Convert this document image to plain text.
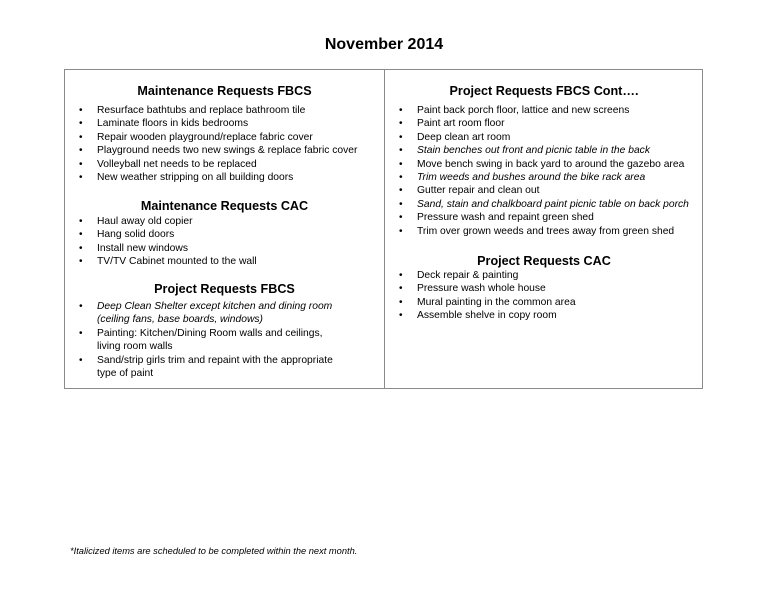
November 2014
Maintenance Requests FBCS
• Resurface bathtubs and replace bathroom tile
• Laminate floors in kids bedrooms
• Repair wooden playground/replace fabric cover
• Playground needs two new swings & replace fabric cover
• Volleyball net needs to be replaced
• New weather stripping on all building doors
Maintenance Requests CAC
• Haul away old copier
• Hang solid doors
• Install new windows
• TV/TV Cabinet mounted to the wall
Project Requests FBCS
• Deep Clean Shelter except kitchen and dining room (ceiling fans, base boards, windows)
• Painting: Kitchen/Dining Room walls and ceilings, living room walls
• Sand/strip girls trim and repaint with the appropriate type of paint
Project Requests FBCS Cont….
• Paint back porch floor, lattice and new screens
• Paint art room floor
• Deep clean art room
• Stain benches out front and picnic table in the back
• Move bench swing in back yard to around the gazebo area
• Trim weeds and bushes around the bike rack area
• Gutter repair and clean out
• Sand, stain and chalkboard paint picnic table on back porch
• Pressure wash and repaint green shed
• Trim over grown weeds and trees away from green shed
Project Requests CAC
• Deck repair & painting
• Pressure wash whole house
• Mural painting in the common area
• Assemble shelve in copy room
*Italicized items are scheduled to be completed within the next month.
